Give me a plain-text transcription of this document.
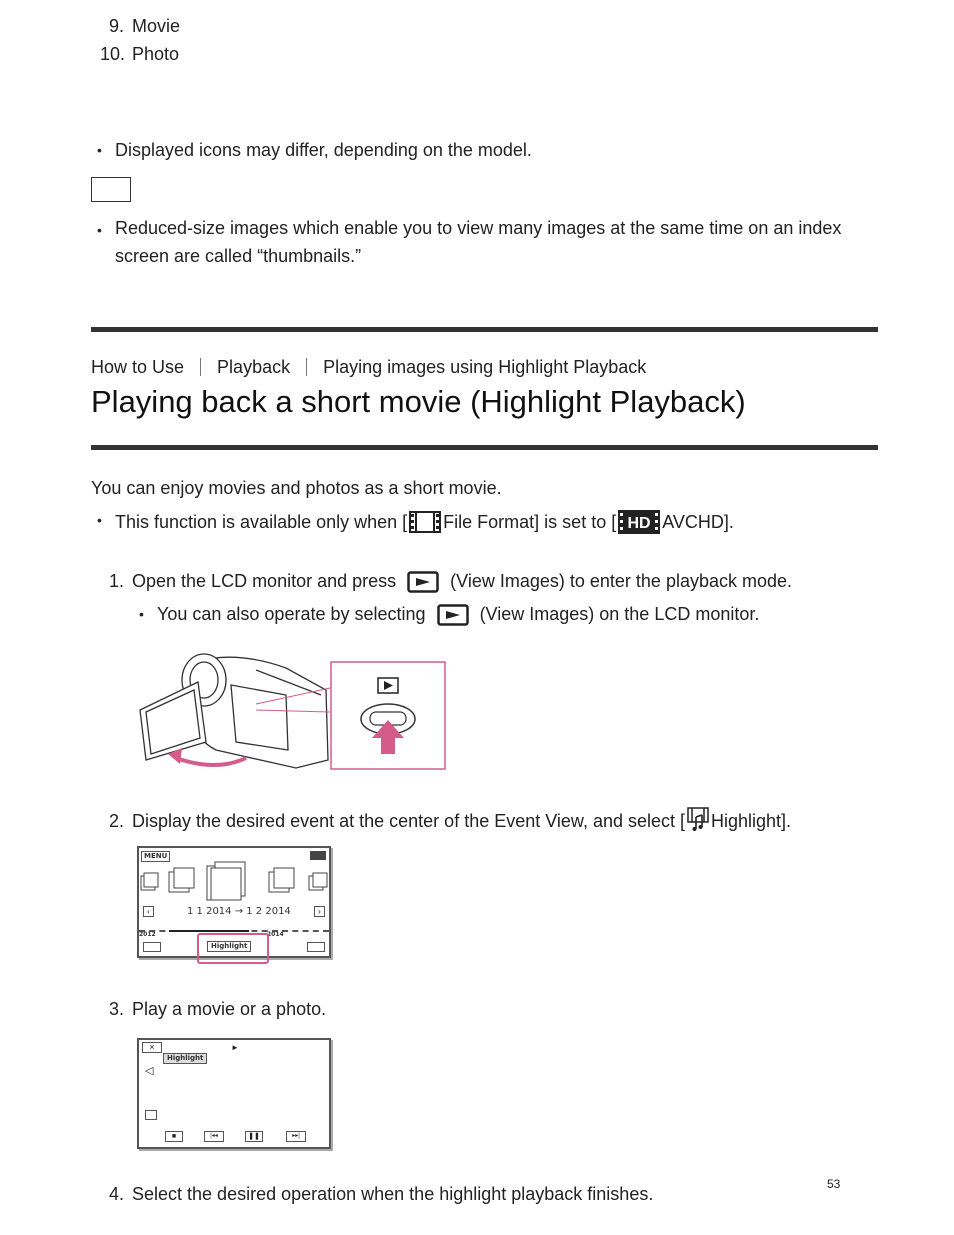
9. Movie
10. Photo
• Displayed icons may differ, depending on the model.
• Reduced-size images which enable you to view many images at the same time on an index screen are called “thumbnails.”
How to Use Playback Playing images using Highlight Playback
Playing back a short movie (Highlight Playback)
You can enjoy movies and photos as a short movie.
• This function is available only when [ File Format] is set to [ HD AVCHD].
1. Open the LCD monitor and press	(View Images) to enter the playback mode.
• You can also operate by selecting	(View Images) on the LCD monitor.
2. Display the desired event at the center of the Event View, and select [ Highlight].
MENU
‹	1 1 2014 → 1 2 2014	›
2012	2014
Highlight
3. Play a movie or a photo.
×	►
Highlight
◁
■	|◂◂	❚❚	▸▸|
53
4. Select the desired operation when the highlight playback finishes.
